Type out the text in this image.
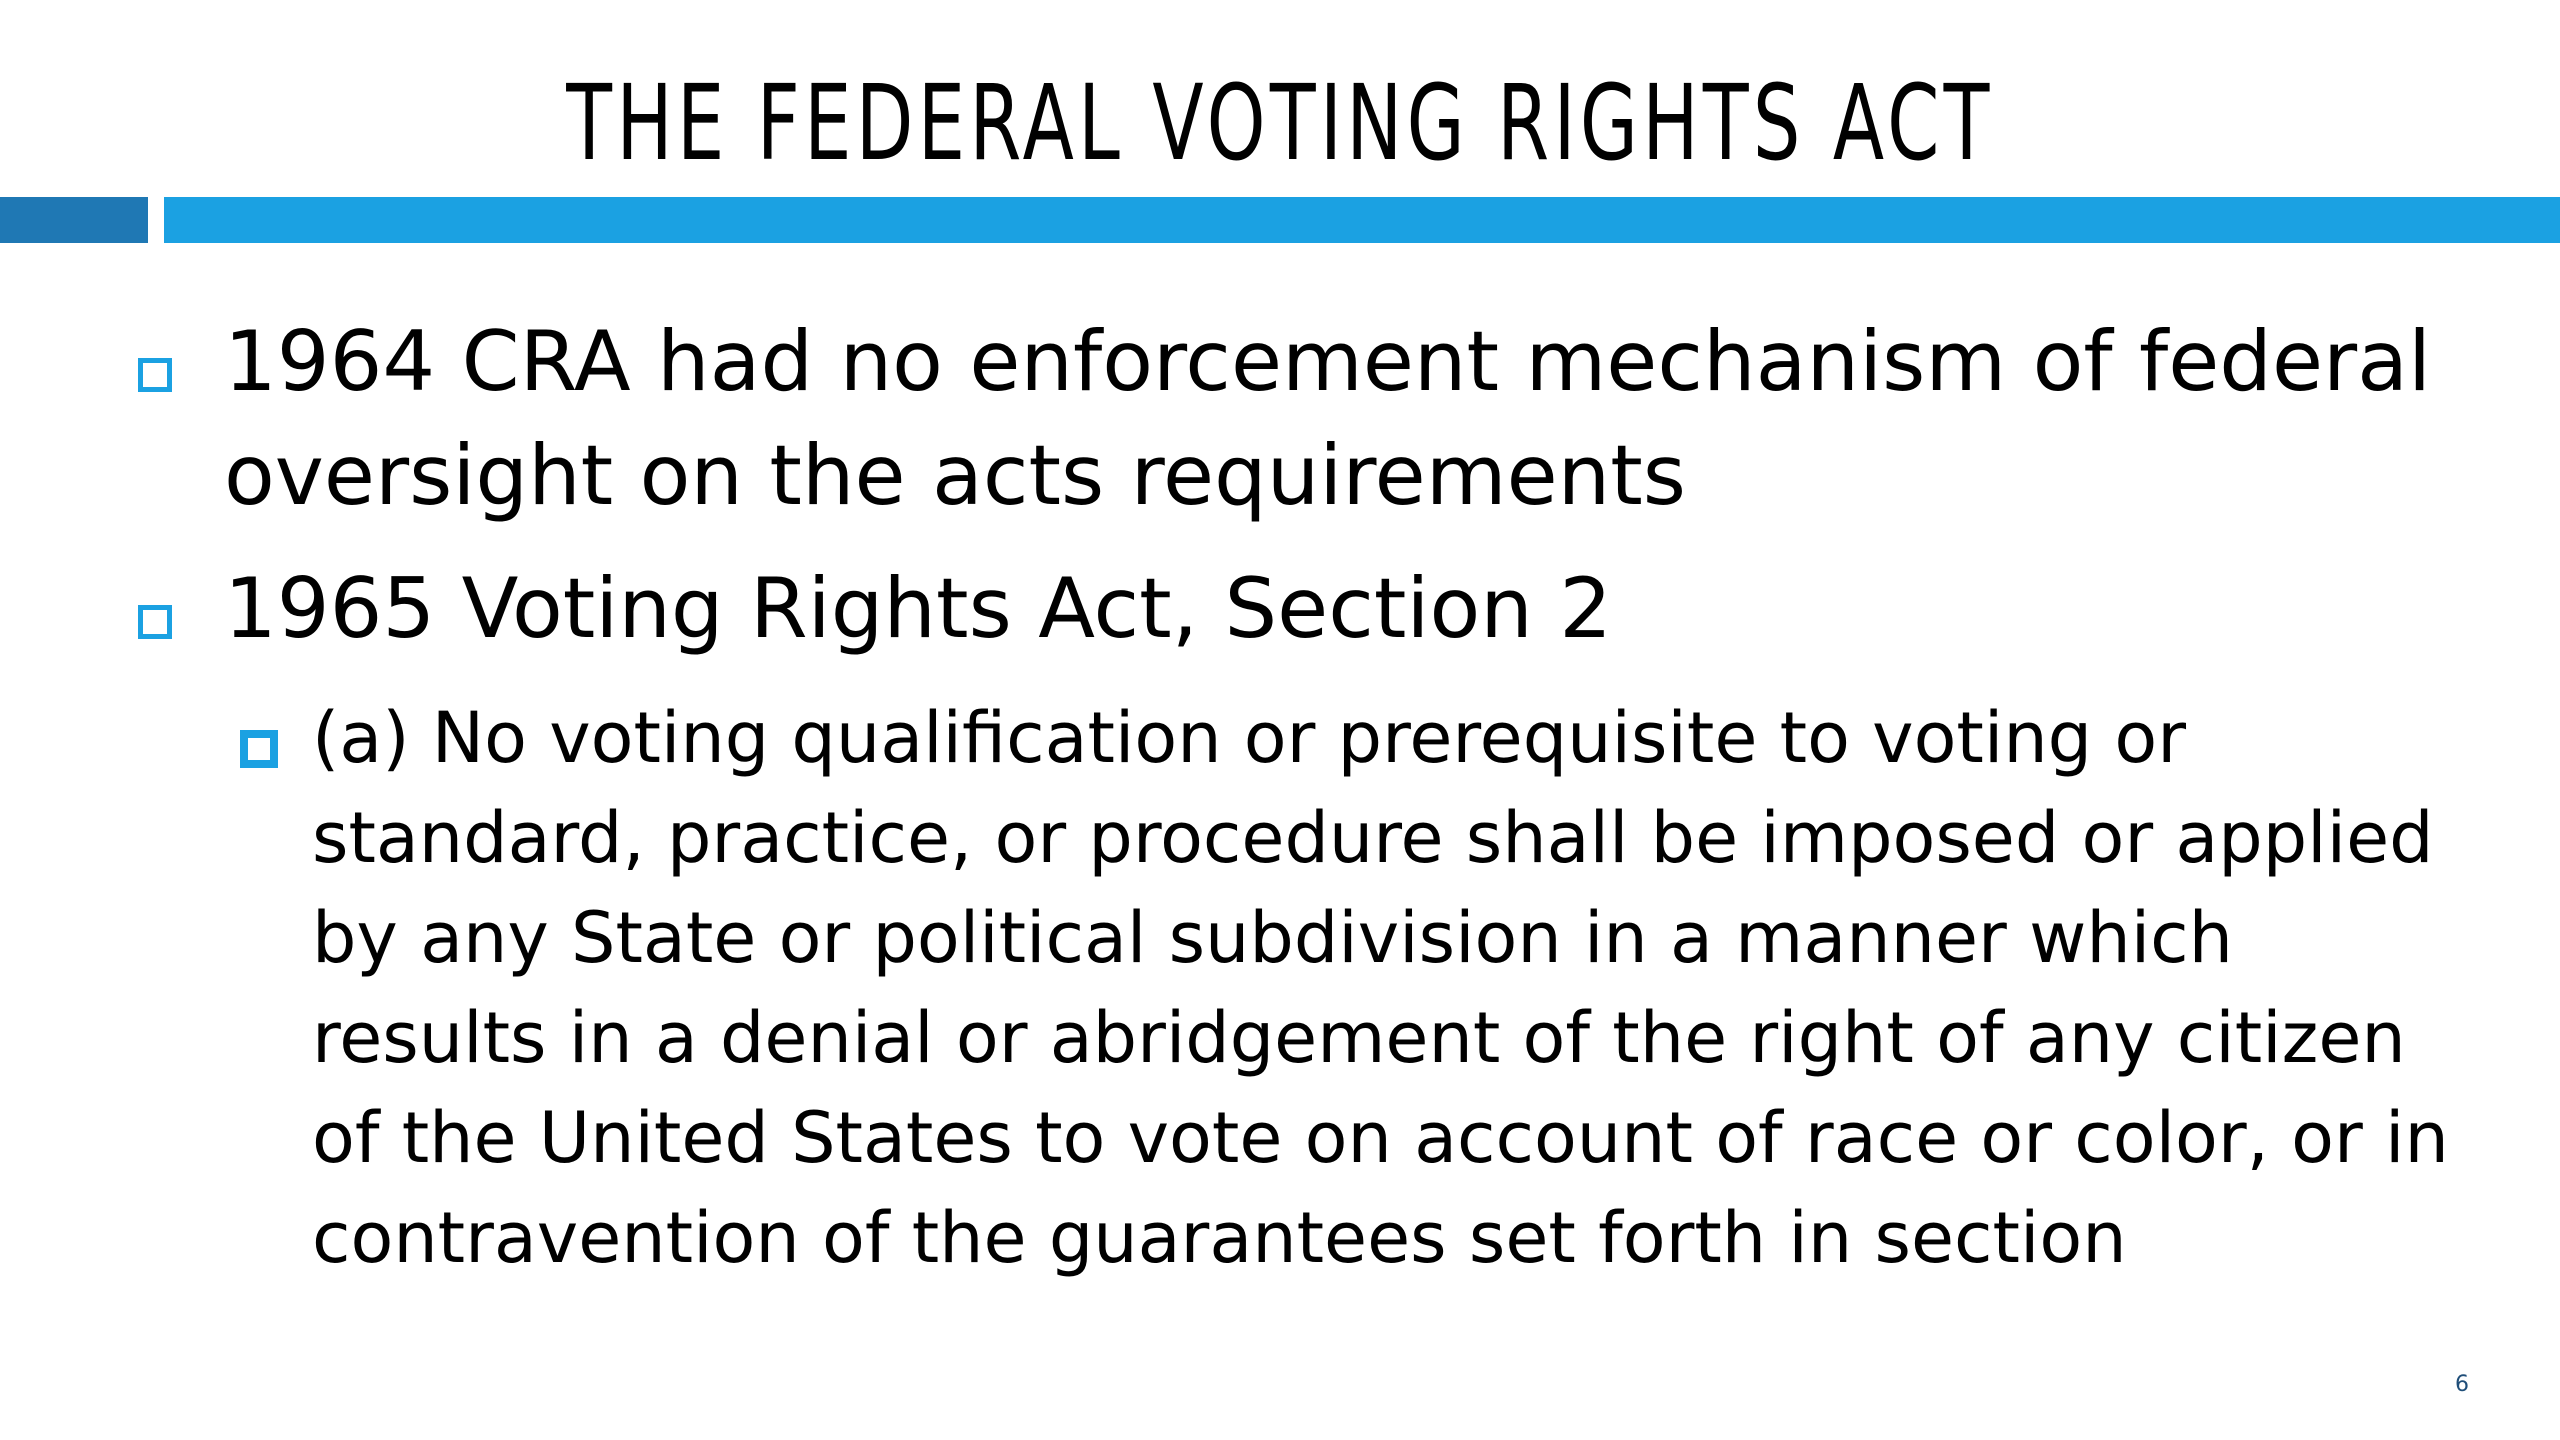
THE FEDERAL VOTING RIGHTS ACT
1964 CRA had no enforcement mechanism of federal oversight on the acts requirements
1965 Voting Rights Act, Section 2
(a) No voting qualification or prerequisite to voting or standard, practice, or procedure shall be imposed or applied by any State or political subdivision in a manner which results in a denial or abridgement of the right of any citizen of the United States to vote on account of race or color, or in contravention of the guarantees set forth in section
6
